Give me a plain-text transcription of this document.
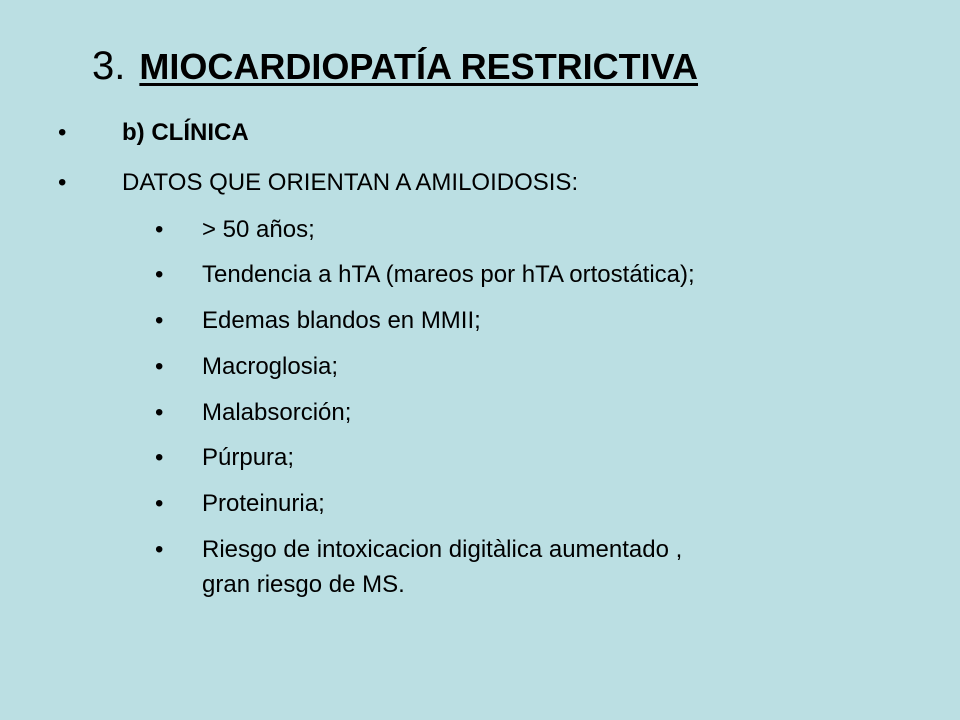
3. MIOCARDIOPATÍA RESTRICTIVA
• b) CLÍNICA
• DATOS QUE ORIENTAN A AMILOIDOSIS:
• > 50 años;
• Tendencia a hTA (mareos por hTA ortostática);
• Edemas blandos en MMII;
• Macroglosia;
• Malabsorción;
• Púrpura;
• Proteinuria;
• Riesgo de intoxicacion digitàlica aumentado ,
gran riesgo de MS.
